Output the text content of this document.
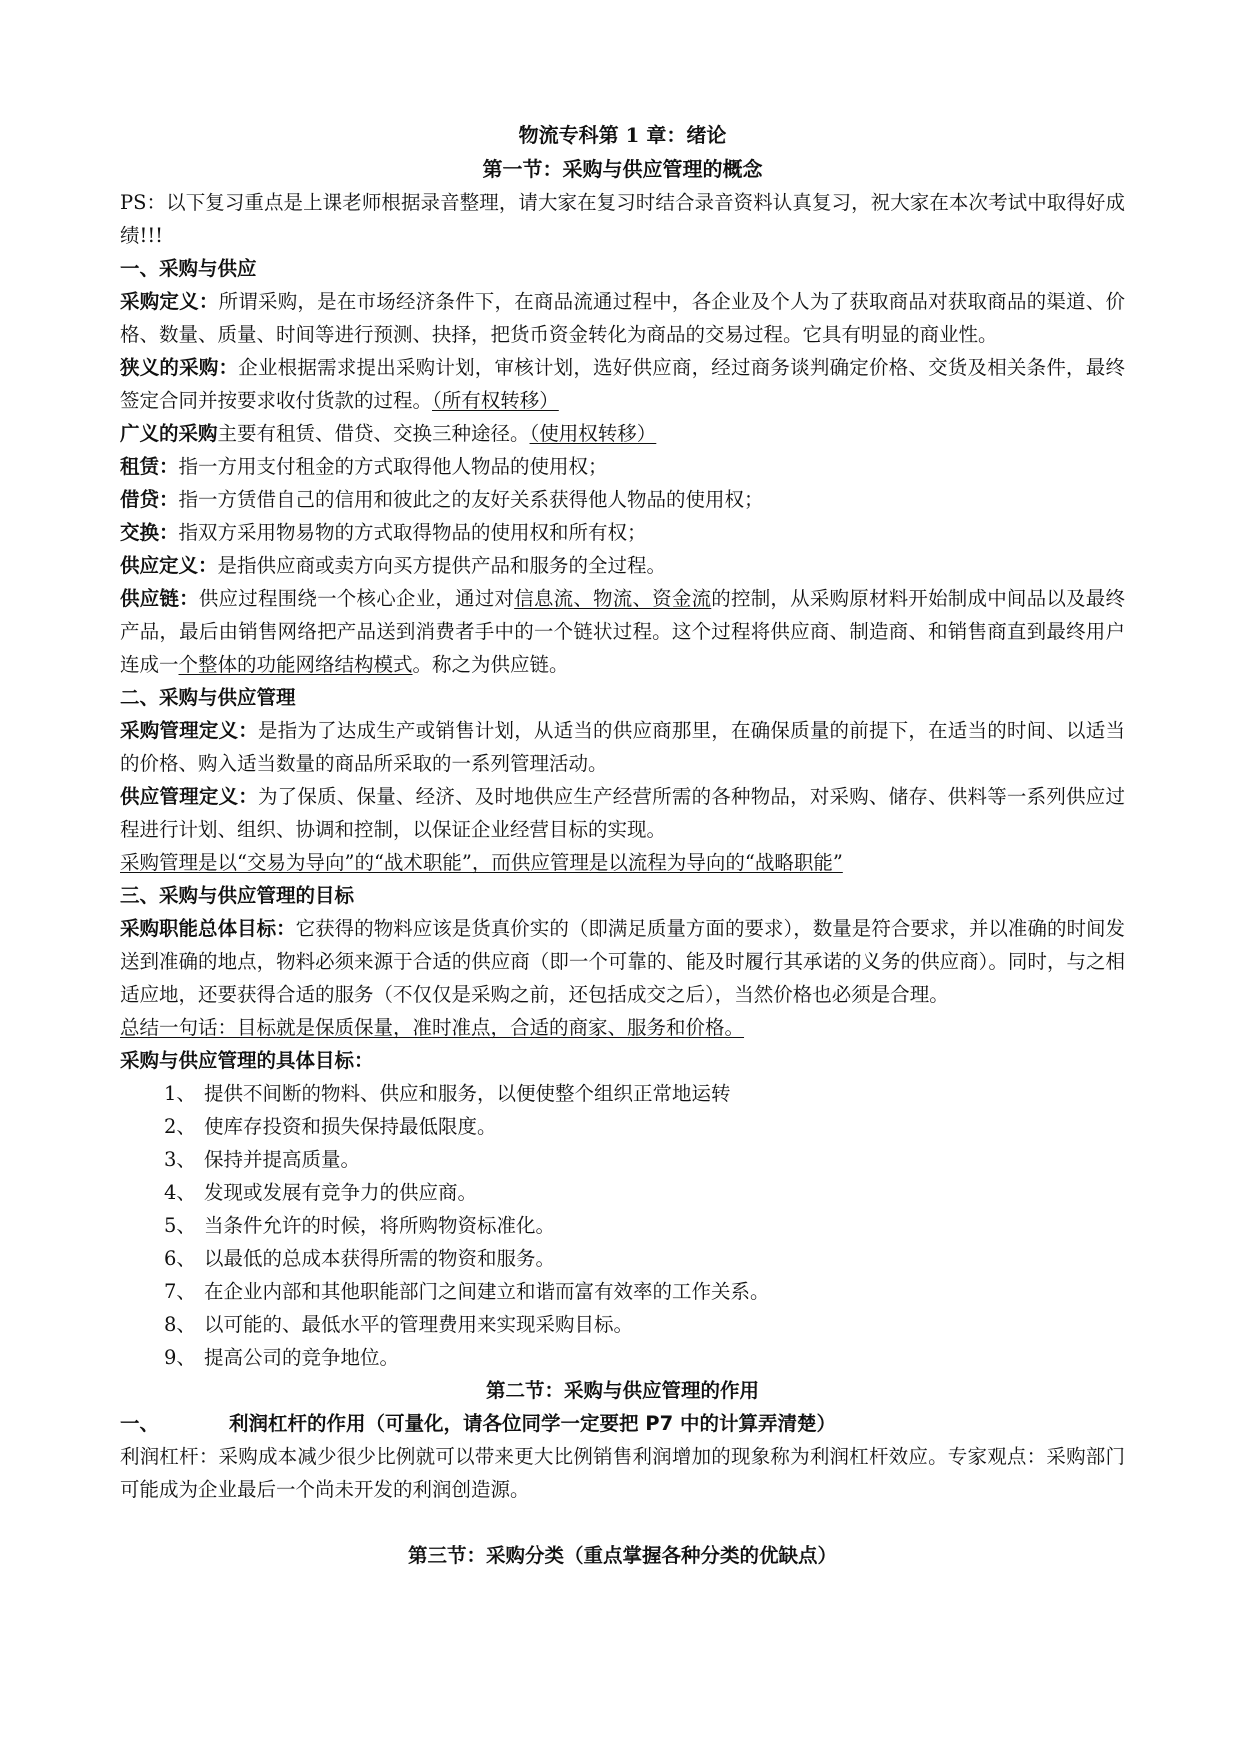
物流专科第 1 章：绪论

第一节：采购与供应管理的概念

PS：以下复习重点是上课老师根据录音整理，请大家在复习时结合录音资料认真复习，祝大家在本次考试中取得好成绩!!!

一、采购与供应

采购定义：所谓采购，是在市场经济条件下，在商品流通过程中，各企业及个人为了获取商品对获取商品的渠道、价格、数量、质量、时间等进行预测、抉择，把货币资金转化为商品的交易过程。它具有明显的商业性。

狭义的采购：企业根据需求提出采购计划，审核计划，选好供应商，经过商务谈判确定价格、交货及相关条件，最终签定合同并按要求收付货款的过程。（所有权转移）

广义的采购主要有租赁、借贷、交换三种途径。（使用权转移）

租赁：指一方用支付租金的方式取得他人物品的使用权；

借贷：指一方赁借自己的信用和彼此之的友好关系获得他人物品的使用权；

交换：指双方采用物易物的方式取得物品的使用权和所有权；

供应定义：是指供应商或卖方向买方提供产品和服务的全过程。

供应链：供应过程围绕一个核心企业，通过对信息流、物流、资金流的控制，从采购原材料开始制成中间品以及最终产品，最后由销售网络把产品送到消费者手中的一个链状过程。这个过程将供应商、制造商、和销售商直到最终用户连成一个整体的功能网络结构模式。称之为供应链。

二、采购与供应管理

采购管理定义：是指为了达成生产或销售计划，从适当的供应商那里，在确保质量的前提下，在适当的时间、以适当的价格、购入适当数量的商品所采取的一系列管理活动。

供应管理定义：为了保质、保量、经济、及时地供应生产经营所需的各种物品，对采购、储存、供料等一系列供应过程进行计划、组织、协调和控制，以保证企业经营目标的实现。

采购管理是以“交易为导向”的“战术职能”，而供应管理是以流程为导向的“战略职能”

三、采购与供应管理的目标

采购职能总体目标：它获得的物料应该是货真价实的（即满足质量方面的要求），数量是符合要求，并以准确的时间发送到准确的地点，物料必须来源于合适的供应商（即一个可靠的、能及时履行其承诺的义务的供应商）。同时，与之相适应地，还要获得合适的服务（不仅仅是采购之前，还包括成交之后），当然价格也必须是合理。

总结一句话：目标就是保质保量，准时准点，合适的商家、服务和价格。

采购与供应管理的具体目标：

1、 提供不间断的物料、供应和服务，以便使整个组织正常地运转
2、 使库存投资和损失保持最低限度。
3、 保持并提高质量。
4、 发现或发展有竞争力的供应商。
5、 当条件允许的时候，将所购物资标准化。
6、 以最低的总成本获得所需的物资和服务。
7、 在企业内部和其他职能部门之间建立和谐而富有效率的工作关系。
8、 以可能的、最低水平的管理费用来实现采购目标。
9、 提高公司的竞争地位。

第二节：采购与供应管理的作用

一、	利润杠杆的作用（可量化，请各位同学一定要把 P7 中的计算弄清楚）

利润杠杆：采购成本减少很少比例就可以带来更大比例销售利润增加的现象称为利润杠杆效应。专家观点：采购部门可能成为企业最后一个尚未开发的利润创造源。

第三节：采购分类（重点掌握各种分类的优缺点）
